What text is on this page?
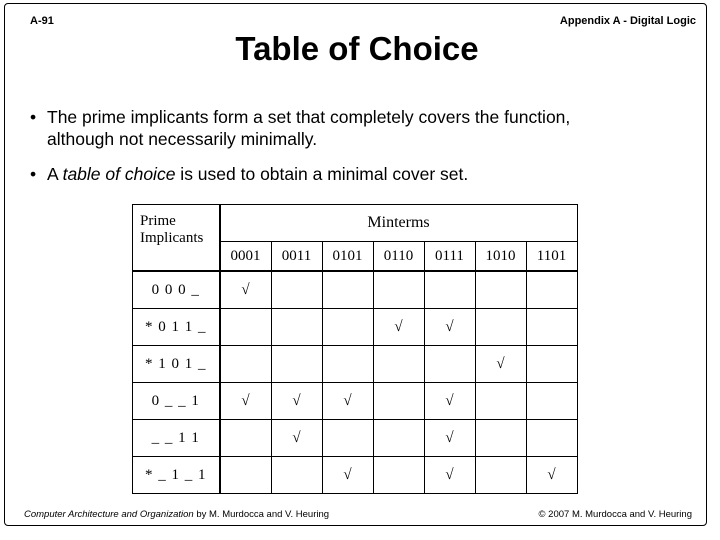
A-91	Appendix A - Digital Logic
Table of Choice
• The prime implicants form a set that completely covers the function,
although not necessarily minimally.
• A table of choice is used to obtain a minimal cover set.
Prime
Implicants	Minterms						
	0001	0011	0101	0110	0111	1010	1101
0 0 0 _	√						
* 0 1 1 _				√	√		
* 1 0 1 _						√	
0 _ _ 1	√	√	√		√		
_ _ 1 1		√			√		
* _ 1 _ 1			√		√		√
Computer Architecture and Organization by M. Murdocca and V. Heuring	© 2007 M. Murdocca and V. Heuring
